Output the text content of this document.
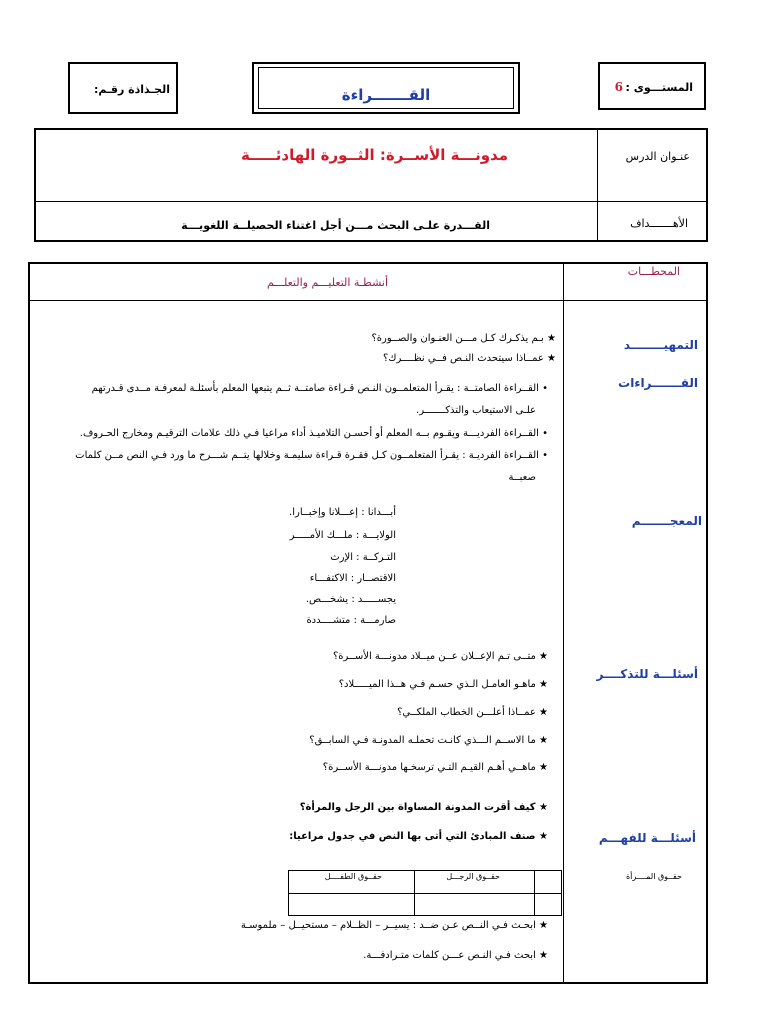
المستـــوى :
6
القـــــــراءة
الجـذاذة رقـم:
عنـوان الدرس
مدونـــة الأســرة: الثــورة الهادئـــــة
الأهـــــــداف
القـــدرة علـى البحث مـــن أجل اغتناء الحصيلــة اللغويـــة
المحطـــات
أنشطـة التعليـــم والتعلـــم
التمهيــــــــد
القـــــــراءات
المعجـــــــم
أسئلـــة للتذكــــر
أسئلـــة للفهـــم
★ بـم يذكـرك كـل مـــن العنـوان والصــورة؟
★ عمــاذا سيتحدث النـص فــي نظــــرك؟
• القــراءة الصامتــة : يقـرأ المتعلمــون النـص قـراءة صامتــة ثــم يتبعها المعلم بأسئلـة لمعرفـة مــدى قـدرتهم
علـى الاستيعاب والتذكـــــــر.
• القــراءة الفرديـــة ويقـوم بــه المعلم أو أحسـن التلاميـذ أداء مراعيا فـي ذلك علامات الترقيـم ومخارج الحـروف.
• القــراءة الفرديـة : يقـرأ المتعلمــون كـل فقـرة قـراءة سليمـة وخلالها يتــم شـــرح ما ورد فـي النص مــن كلمات
صعبــة
أبـــدانا : إعـــلانا وإخبــارا.
الولايـــة : ملـــك الأمـــــر
التـركــة : الإرث
الاقتصــار : الاكتفـــاء
يجســـــد : يشخـــص.
صارمـــة : متشــــددة
★ متــى تـم الإعــلان عــن ميــلاد مدونـــة الأســرة؟
★ ماهـو العامـل الـذي حسـم فـي هــذا الميـــــلاد؟
★ عمــاذا أعلـــن الخطاب الملكــي؟
★ ما الاســم الـــذي كانـت تحملـه المدونـة فـي السابــق؟
★ ماهــي أهـم القيـم التـي ترسخـها مدونـــة الأســرة؟
★ كيف أقرت المدونة المساواة بين الرجل والمرأة؟
★ صنف المبادئ التي أتى بها النص في جدول مراعيا:
حقــوق المــــرأة
حقــوق الرجـــل
حقــوق الطفــــل
★ ابحـث فـي النــص عـن ضــد : يسيــر – الظــلام – مستحيــل – ملموسـة
★ ابحث فـي النـص عـــن كلمات متـرادفـــة.
